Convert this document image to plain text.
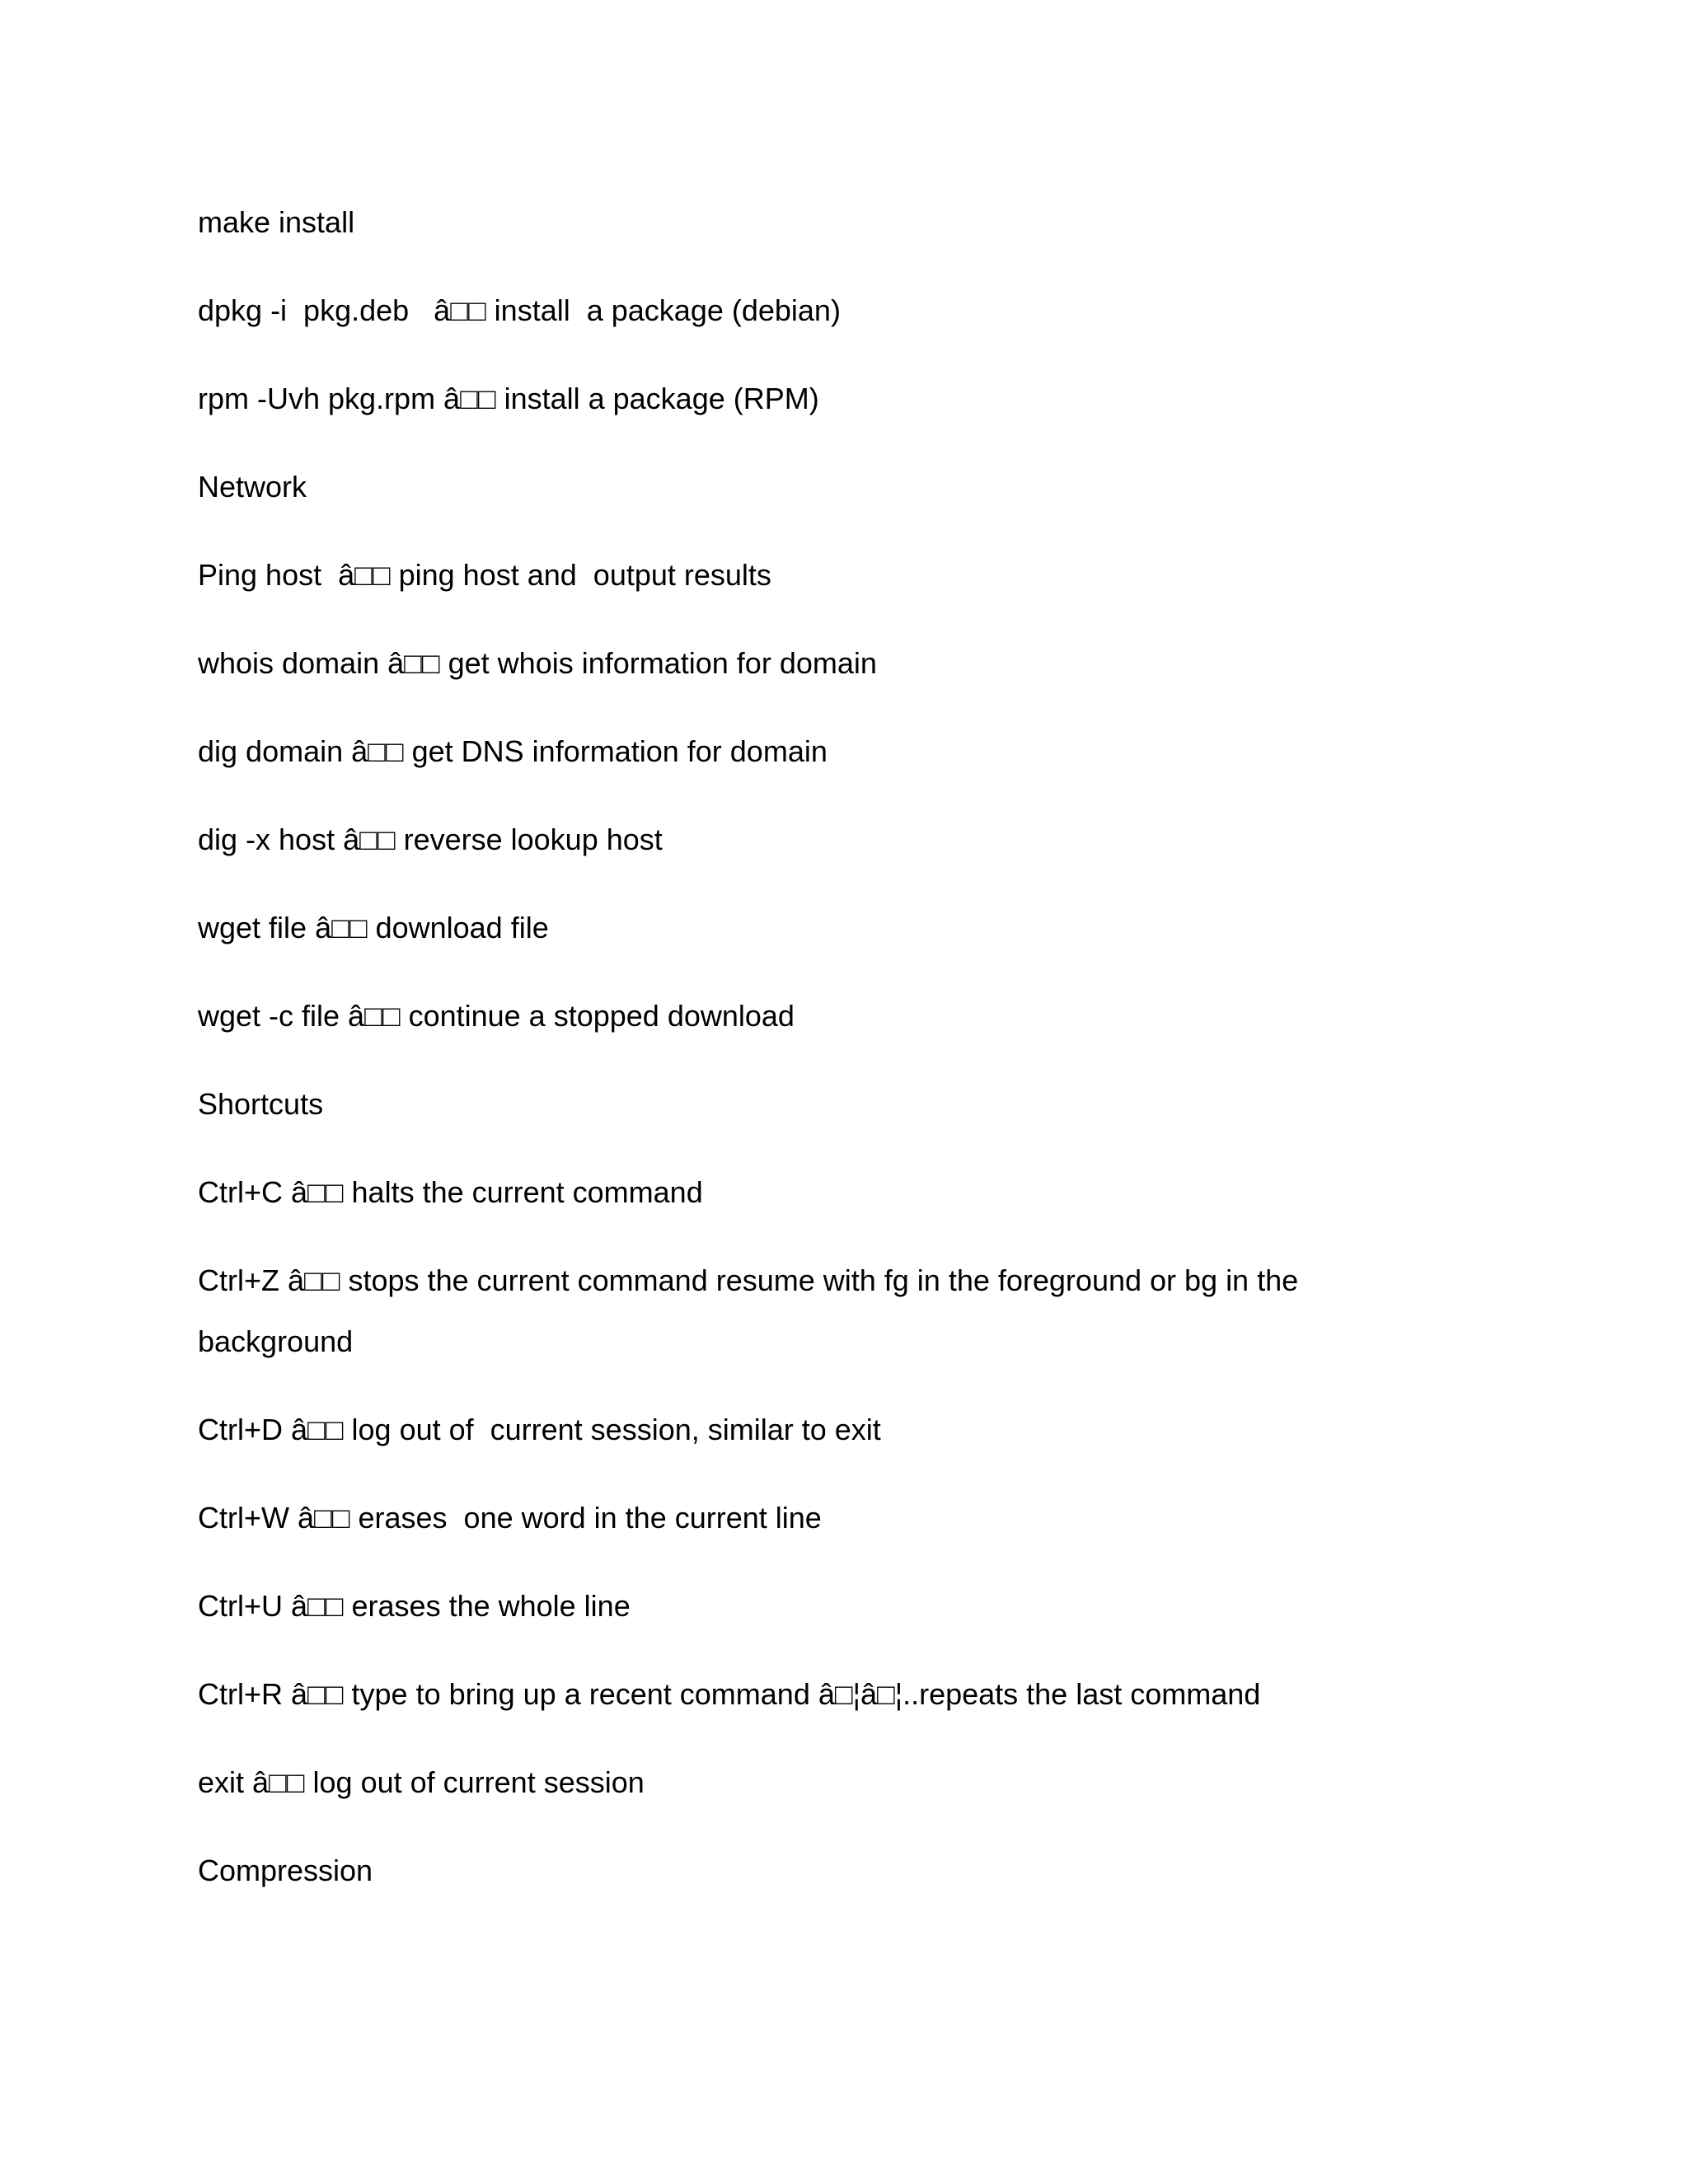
make install
dpkg -i  pkg.deb   â□□ install  a package (debian)
rpm -Uvh pkg.rpm â□□ install a package (RPM)
Network
Ping host  â□□ ping host and  output results
whois domain â□□ get whois information for domain
dig domain â□□ get DNS information for domain
dig -x host â□□ reverse lookup host
wget file â□□ download file
wget -c file â□□ continue a stopped download
Shortcuts
Ctrl+C â□□ halts the current command
Ctrl+Z â□□ stops the current command resume with fg in the foreground or bg in the background
Ctrl+D â□□ log out of  current session, similar to exit
Ctrl+W â□□ erases  one word in the current line
Ctrl+U â□□ erases the whole line
Ctrl+R â□□ type to bring up a recent command â□¦â□¦..repeats the last command
exit â□□ log out of current session
Compression
